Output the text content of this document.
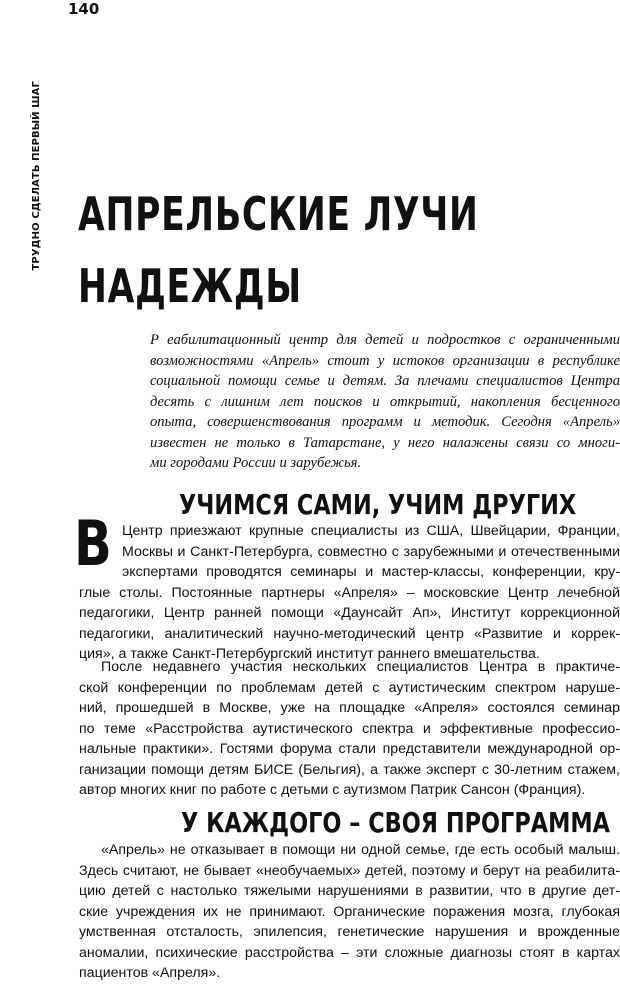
140
ТРУДНО СДЕЛАТЬ ПЕРВЫЙ ШАГ АПРЕЛЬСКИЕ ЛУЧИ
НАДЕЖДЫ

Р еабилитационный центр для детей и подростков с ограниченными
возможностями «Апрель» стоит у истоков организации в республике
социальной помощи семье и детям. За плечами специалистов Центра
десять с лишним лет поисков и открытий, накопления бесценного
опыта, совершенствования программ и методик. Сегодня «Апрель»
известен не только в Татарстане, у него налажены связи со многи-
ми городами России и зарубежья.

УЧИМСЯ САМИ, УЧИМ ДРУГИХ
В Центр приезжают крупные специалисты из США, Швейцарии, Франции,
Москвы и Санкт-Петербурга, совместно с зарубежными и отечественными
экспертами проводятся семинары и мастер-классы, конференции, кру-
глые столы. Постоянные партнеры «Апреля» – московские Центр лечебной
педагогики, Центр ранней помощи «Даунсайт Ап», Институт коррекционной
педагогики, аналитический научно-методический центр «Развитие и коррек-
ция», а также Санкт-Петербургский институт раннего вмешательства.
После недавнего участия нескольких специалистов Центра в практиче-
ской конференции по проблемам детей с аутистическим спектром наруше-
ний, прошедшей в Москве, уже на площадке «Апреля» состоялся семинар
по теме «Расстройства аутистического спектра и эффективные профессио-
нальные практики». Гостями форума стали представители международной ор-
ганизации помощи детям БИСЕ (Бельгия), а также эксперт с 30-летним стажем,
автор многих книг по работе с детьми с аутизмом Патрик Сансон (Франция).
У КАЖДОГО – СВОЯ ПРОГРАММА
«Апрель» не отказывает в помощи ни одной семье, где есть особый малыш.
Здесь считают, не бывает «необучаемых» детей, поэтому и берут на реабилита-
цию детей с настолько тяжелыми нарушениями в развитии, что в другие дет-
ские учреждения их не принимают. Органические поражения мозга, глубокая
умственная отсталость, эпилепсия, генетические нарушения и врожденные
аномалии, психические расстройства – эти сложные диагнозы стоят в картах
пациентов «Апреля».
